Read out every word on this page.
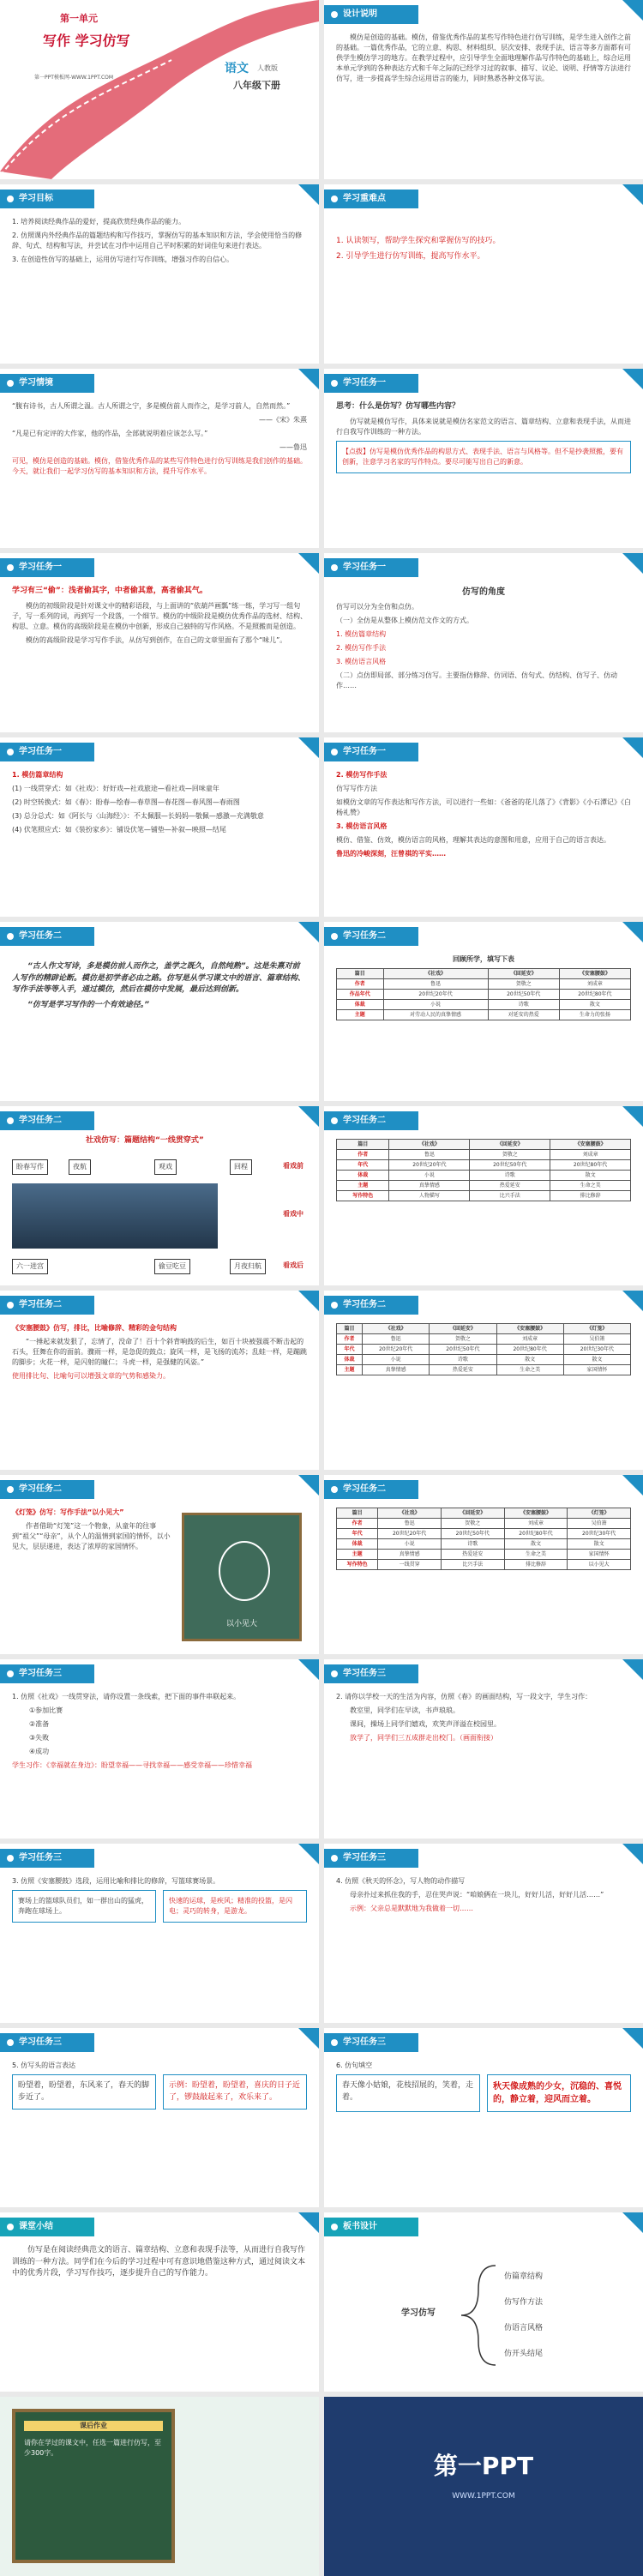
第一单元
写作 学习仿写
第一PPT模板网-WWW.1PPT.COM
语文 人教版
八年级下册
设计说明
模仿是创造的基础。模仿，借鉴优秀作品的某些写作特色进行仿写训练，是学生进入创作之前的基础。一篇优秀作品，它的立意、构思、材料组织、层次安排、表现手法、语言等多方面都有可供学生模仿学习的地方。在教学过程中，应引导学生全面地理解作品写作特色的基础上，综合运用本单元学到的各种表达方式和千年之际的已经学习过的叙事、描写、议论、说明、抒情等方法进行仿写，进一步提高学生综合运用语言的能力，同时熟悉各种文体写法。
学习目标
1. 培养阅读经典作品的爱好，提高欣赏经典作品的能力。
2. 仿照课内外经典作品的篇题结构和写作技巧，掌握仿写的基本知识和方法，学会使用恰当的修辞、句式、结构和写法，并尝试在习作中运用自己平时积累的好词佳句来进行表达。
3. 在创造性仿写的基础上，运用仿写进行写作训练，增强习作的自信心。
学习重难点
1. 认读领写，帮助学生探究和掌握仿写的技巧。
2. 引导学生进行仿写训练，提高写作水平。
学习情境
“腹有诗书，古人所谓之温。古人所谓之宁，多是模仿前人而作之，是学习前人，自然而然。”
——《宋》朱熹
“凡是已有定评的大作家，他的作品，全部就说明着应该怎么写。”
——鲁迅
可见，模仿是创造的基础。模仿，借鉴优秀作品的某些写作特色进行仿写训练是我们创作的基础。今天，就让我们一起学习仿写的基本知识和方法，提升写作水平。
学习任务一
思考：什么是仿写？仿写哪些内容？
仿写就是模仿写作，具体来说就是模仿名家范文的语言、篇章结构、立意和表现手法，从而进行自我写作训练的一种方法。
【点拨】仿写是模仿优秀作品的构思方式、表现手法、语言与风格等。但不是抄袭照搬，要有创新，注意学习名家的写作特点。要尽可能写出自己的新意。
学习任务一
学习有三“偷”：浅者偷其字，中者偷其意，高者偷其气。
模仿的初级阶段是针对课文中的精彩语段，与上面讲的“依葫芦画瓢”练一练，学习写一组句子，写一系列的词，再到写一个段落，一个细节。模仿的中级阶段是模仿优秀作品的选材、结构、构思、立意。模仿的高级阶段是在模仿中创新，形成自己独特的写作风格。不是照搬而是创造。
模仿的高级阶段是学习写作手法，从仿写到创作，在自己的文章里面有了那个“味儿”。
学习任务一
仿写的角度
仿写可以分为全仿和点仿。
（一）全仿是从整体上模仿范文作文的方式。
1. 模仿篇章结构
2. 模仿写作手法
3. 模仿语言风格
（二）点仿即局部、部分练习仿写。主要指仿修辞、仿词语、仿句式、仿结构、仿写子、仿动作……
学习任务一
1. 模仿篇章结构
(1) 一线贯穿式：如《社戏》：好好戏—社戏旅途—看社戏—回味童年
(2) 时空转换式：如《春》：盼春—绘春—春草图—春花图—春风图—春雨图
(3) 总分总式：如《阿长与〈山海经〉》：不太佩服—长妈妈—敬佩—感激—充满敬意
(4) 伏笔照应式：如《装扮家乡》：铺设伏笔—铺垫—补叙—映照—结尾
学习任务一
2. 模仿写作手法
仿写写作方法
如模仿文章的写作表达和写作方法，可以进行一些如：《爸爸的花儿落了》《背影》《小石潭记》《白杨礼赞》
3. 模仿语言风格
模仿、借鉴、仿效，模仿语言的风格，理解其表达的意图和用意，应用于自己的语言表达。
鲁迅的冷峻深刻，汪曾祺的平实……
学习任务二
“古人作文写诗，多是模仿前人而作之，盖学之既久，自然纯熟”。这是朱熹对前人写作的精辟论断。模仿是初学者必由之路。仿写是从学习课文中的语言、篇章结构、写作手法等等入手，通过模仿，然后在模仿中发展，最后达到创新。
“仿写是学习写作的一个有效途径。”
学习任务二
回顾所学，填写下表
篇目	《社戏》	《回延安》	《安塞腰鼓》
作者	鲁迅	贺敬之	刘成章
作品年代	20世纪20年代	20世纪50年代	20世纪80年代
体裁	小说	诗歌	散文
主题	对劳动人民的真挚情感	对延安的热爱	生命力的张扬
学习任务二
社戏仿写：篇题结构“一线贯穿式”
盼春写作	夜航	观戏	回程
六一进宫	偷豆吃豆	月夜归航
看戏前
看戏中
看戏后
学习任务二
篇目	《社戏》	《回延安》	《安塞腰鼓》
作者	鲁迅	贺敬之	刘成章
年代	20世纪20年代	20世纪50年代	20世纪80年代
体裁	小说	诗歌	散文
主题	真挚情感	热爱延安	生命之美
写作特色	人物描写	比兴手法	排比修辞
学习任务二
《安塞腰鼓》仿写，排比，比喻修辞、精彩的金句结构
“一捶起来就发狠了，忘情了，没命了！百十个斜背响鼓的后生，如百十块被强震不断击起的石头，狂舞在你的面前。骤雨一样，是急促的鼓点；旋风一样，是飞扬的流苏；乱蛙一样，是蹦跳的脚步；火花一样，是闪射的瞳仁；斗虎一样，是强健的风姿。”
使用排比句、比喻句可以增强文章的气势和感染力。
学习任务二
篇目	《社戏》	《回延安》	《安塞腰鼓》	《灯笼》
作者	鲁迅	贺敬之	刘成章	吴伯箫
年代	20世纪20年代	20世纪50年代	20世纪80年代	20世纪30年代
体裁	小说	诗歌	散文	散文
主题	真挚情感	热爱延安	生命之美	家国情怀
学习任务二
《灯笼》仿写：写作手法“以小见大”
作者借助“灯笼”这一个物象，从童年的往事到“祖父”“母亲”，从个人的温情到家国的情怀，以小见大，层层递进，表达了浓厚的家国情怀。
以小见大
学习任务二
篇目	《社戏》	《回延安》	《安塞腰鼓》	《灯笼》
作者	鲁迅	贺敬之	刘成章	吴伯箫
年代	20世纪20年代	20世纪50年代	20世纪80年代	20世纪30年代
体裁	小说	诗歌	散文	散文
主题	真挚情感	热爱延安	生命之美	家国情怀
写作特色	一线贯穿	比兴手法	排比修辞	以小见大
学习任务三
1. 仿照《社戏》一线贯穿法，请你设置一条线索，把下面的事件串联起来。
①参加比赛
②准备
③失败
④成功
学生习作：《幸福就在身边》：盼望幸福——寻找幸福——感受幸福——珍惜幸福
学习任务三
2. 请你以学校一天的生活为内容，仿照《春》的画面结构，写一段文字，学生习作：
教室里，同学们在早读，书声琅琅。
课间，操场上同学们嬉戏，欢笑声洋溢在校园里。
放学了，同学们三五成群走出校门。（画面衔接）
学习任务三
3. 仿照《安塞腰鼓》选段，运用比喻和排比的修辞，写篮球赛场景。
赛场上的篮球队员们，如一群出山的猛虎，奔跑在球场上。
快速的运球，是疾风；精准的投篮，是闪电；灵巧的转身，是游龙。
学习任务三
4. 仿照《秋天的怀念》，写人物的动作描写
母亲扑过来抓住我的手，忍住哭声说：“咱娘俩在一块儿，好好儿活，好好儿活……”
示例：父亲总是默默地为我做着一切……
学习任务三
5. 仿写头的语言表达
盼望着，盼望着，东风来了，春天的脚步近了。
示例：盼望着，盼望着，喜庆的日子近了，锣鼓敲起来了，欢乐来了。
学习任务三
6. 仿句填空
春天像小姑娘，花枝招展的，笑着，走着。
秋天像成熟的少女，沉稳的、喜悦的，静立着，迎风而立着。
课堂小结
仿写是在阅读经典范文的语言、篇章结构、立意和表现手法等，从而进行自我写作训练的一种方法。同学们在今后的学习过程中可有意识地借鉴这种方式，通过阅读文本中的优秀片段，学习写作技巧，逐步提升自己的写作能力。
板书设计
学习仿写
仿篇章结构
仿写作方法
仿语言风格
仿开头结尾
课后作业
请你在学过的课文中，任选一篇进行仿写，至少300字。	第一PPT
WWW.1PPT.COM
